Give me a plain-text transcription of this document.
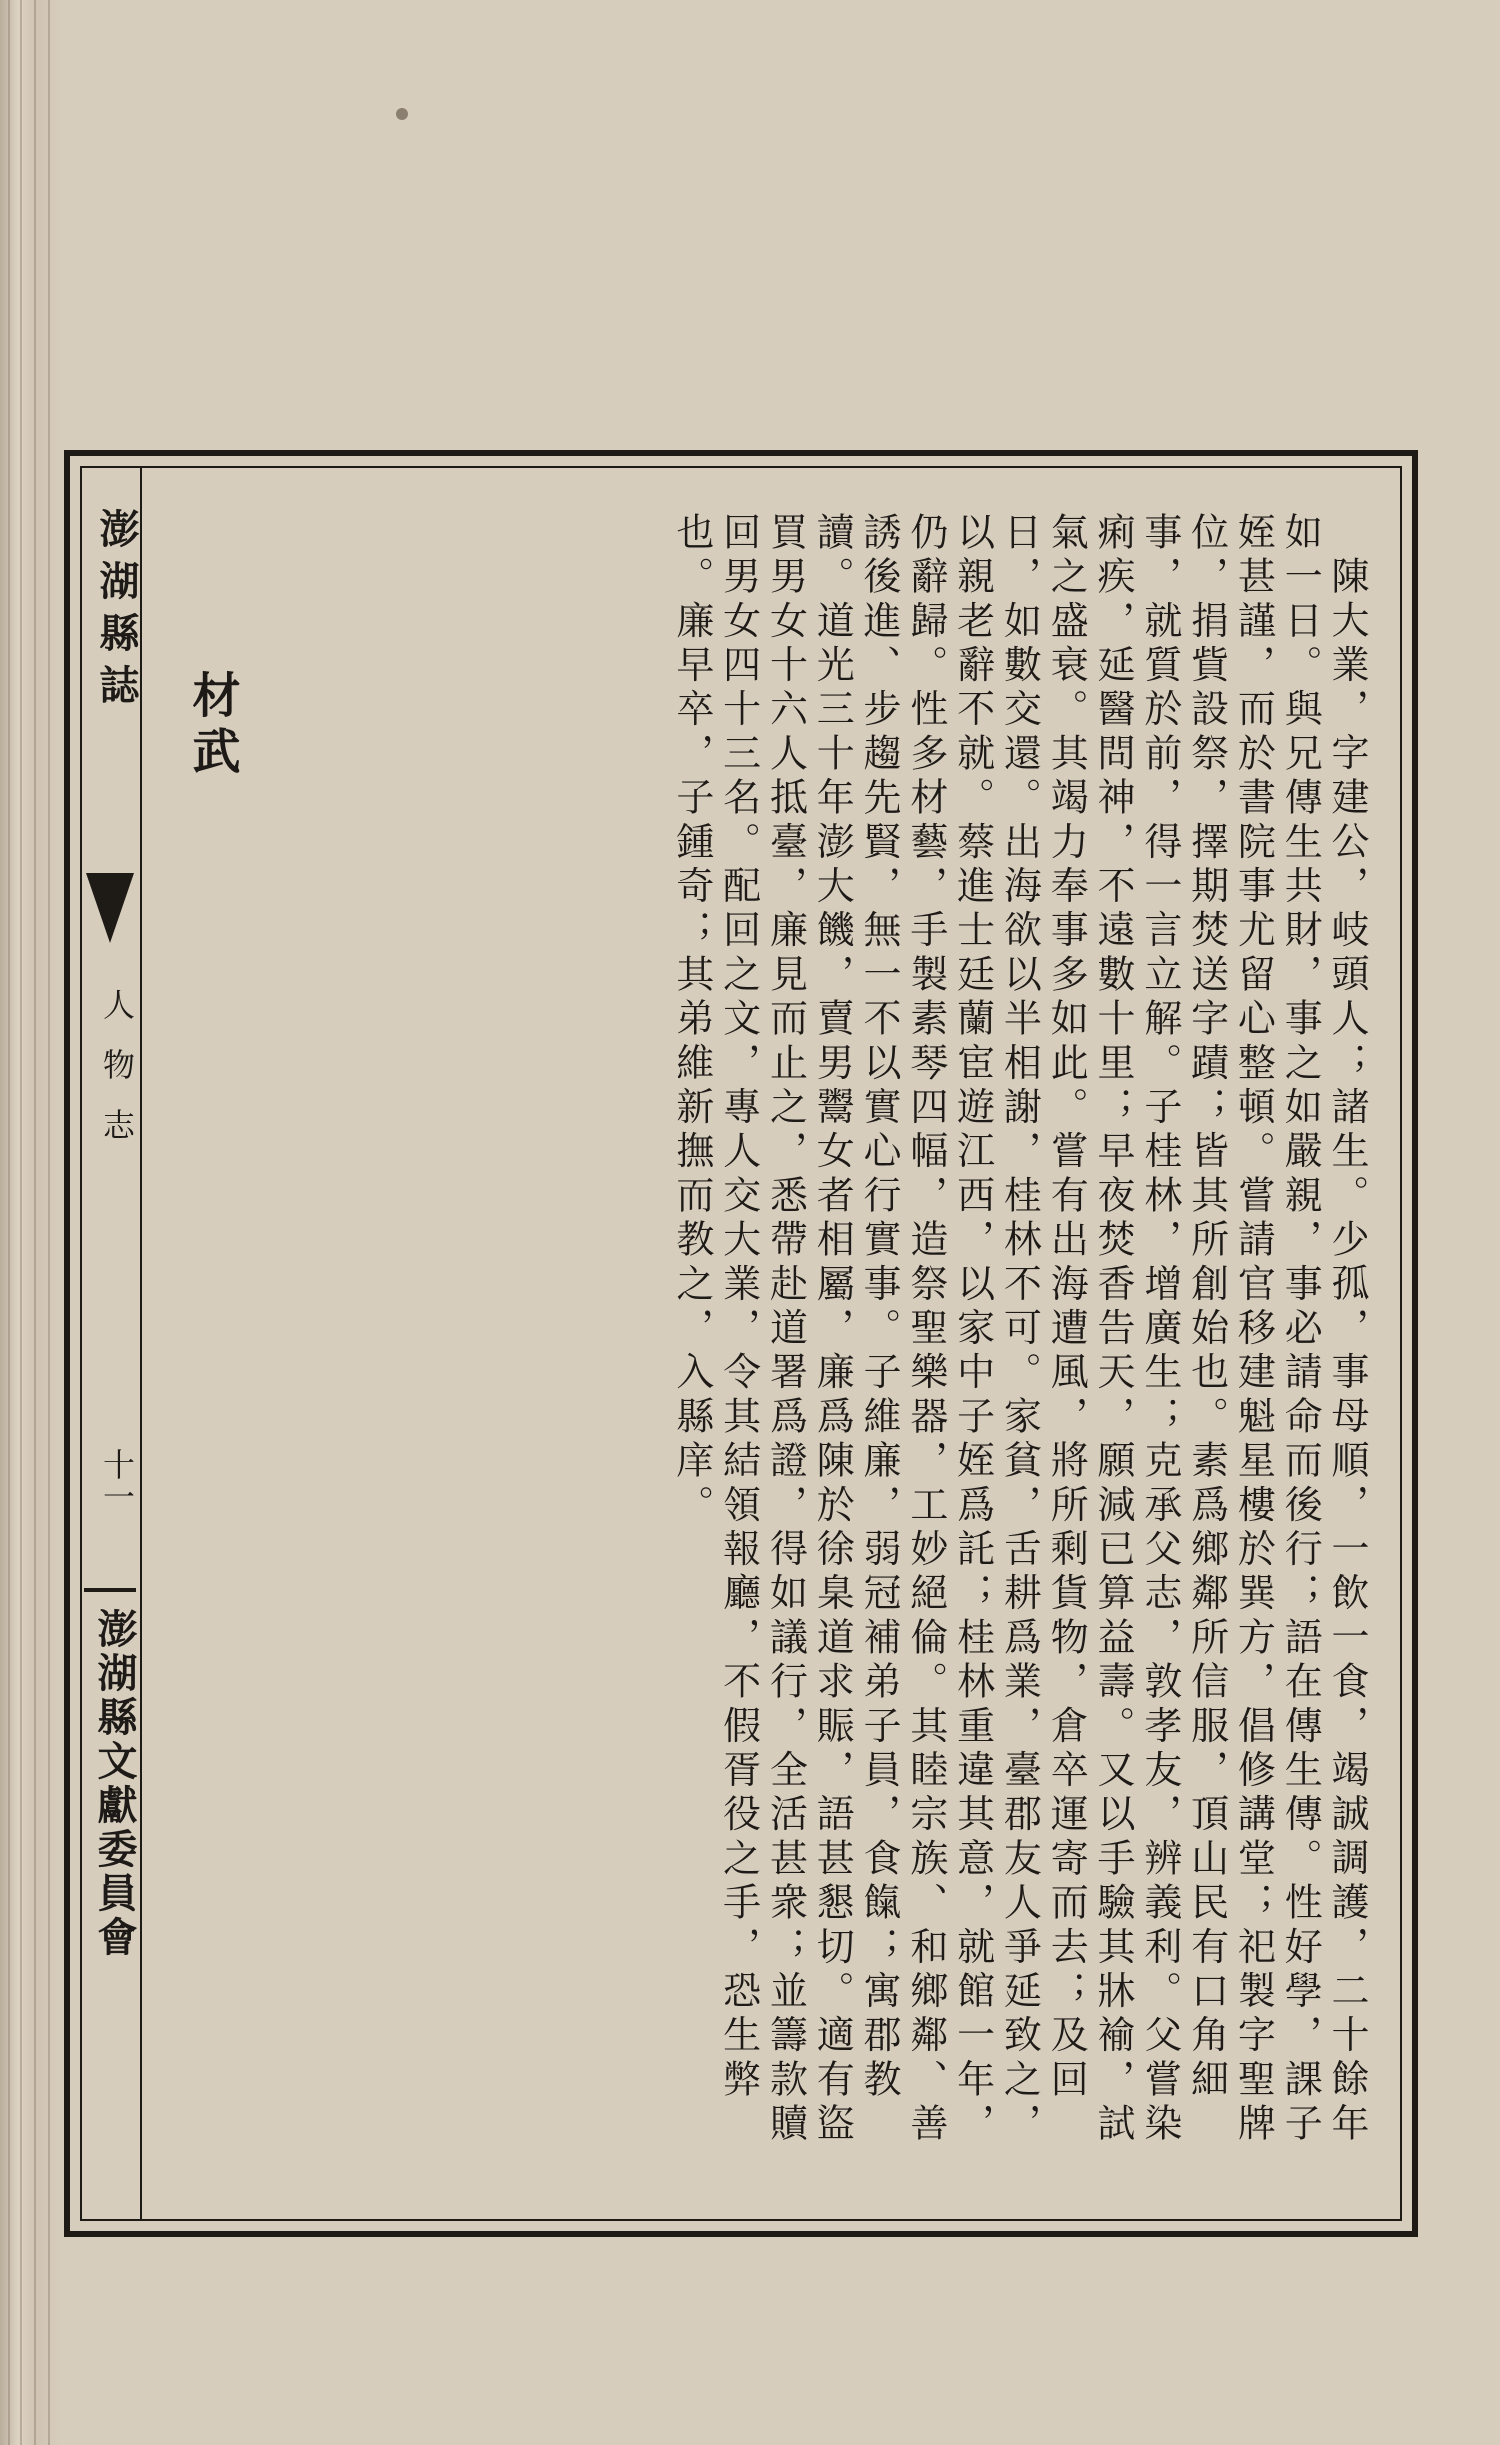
澎湖縣誌
人物志
十一
澎湖縣文獻委員會
材武	陳大業，字建公，岐頭人；諸生。少孤，事母順，一飲一食，竭誠調護，二十餘年如一日。與兄傳生共財，事之如嚴親，事必請命而後行；語在傳生傳。性好學，課子姪甚謹，而於書院事尤留心整頓。嘗請官移建魁星樓於巽方，倡修講堂；祀製字聖牌位，捐貲設祭，擇期焚送字蹟；皆其所創始也。素爲鄉鄰所信服，頂山民有口角細事，就質於前，得一言立解。子桂林，增廣生；克承父志，敦孝友，辨義利。父嘗染痢疾，延醫問神，不遠數十里；早夜焚香告天，願減已算益壽。又以手驗其牀褕，試氣之盛衰。其竭力奉事多如此。嘗有出海遭風，將所剩貨物，倉卒運寄而去；及回日，如數交還。出海欲以半相謝，桂林不可。家貧，舌耕爲業，臺郡友人爭延致之，以親老辭不就。蔡進士廷蘭宦遊江西，以家中子姪爲託；桂林重違其意，就館一年，仍辭歸。性多材藝，手製素琴四幅，造祭聖樂器，工妙絕倫。其睦宗族、和鄉鄰、善誘後進、步趨先賢，無一不以實心行實事。子維廉，弱冠補弟子員，食餼；寓郡教讀。道光三十年澎大饑，賣男鬻女者相屬，廉爲陳於徐臬道求賑，語甚懇切。適有盜買男女十六人抵臺，廉見而止之，悉帶赴道署爲證，得如議行，全活甚衆；並籌款贖回男女四十三名。配回之文，專人交大業，令其結領報廳，不假胥役之手，恐生弊也。廉早卒，子鍾奇；其弟維新撫而教之，入縣庠。
